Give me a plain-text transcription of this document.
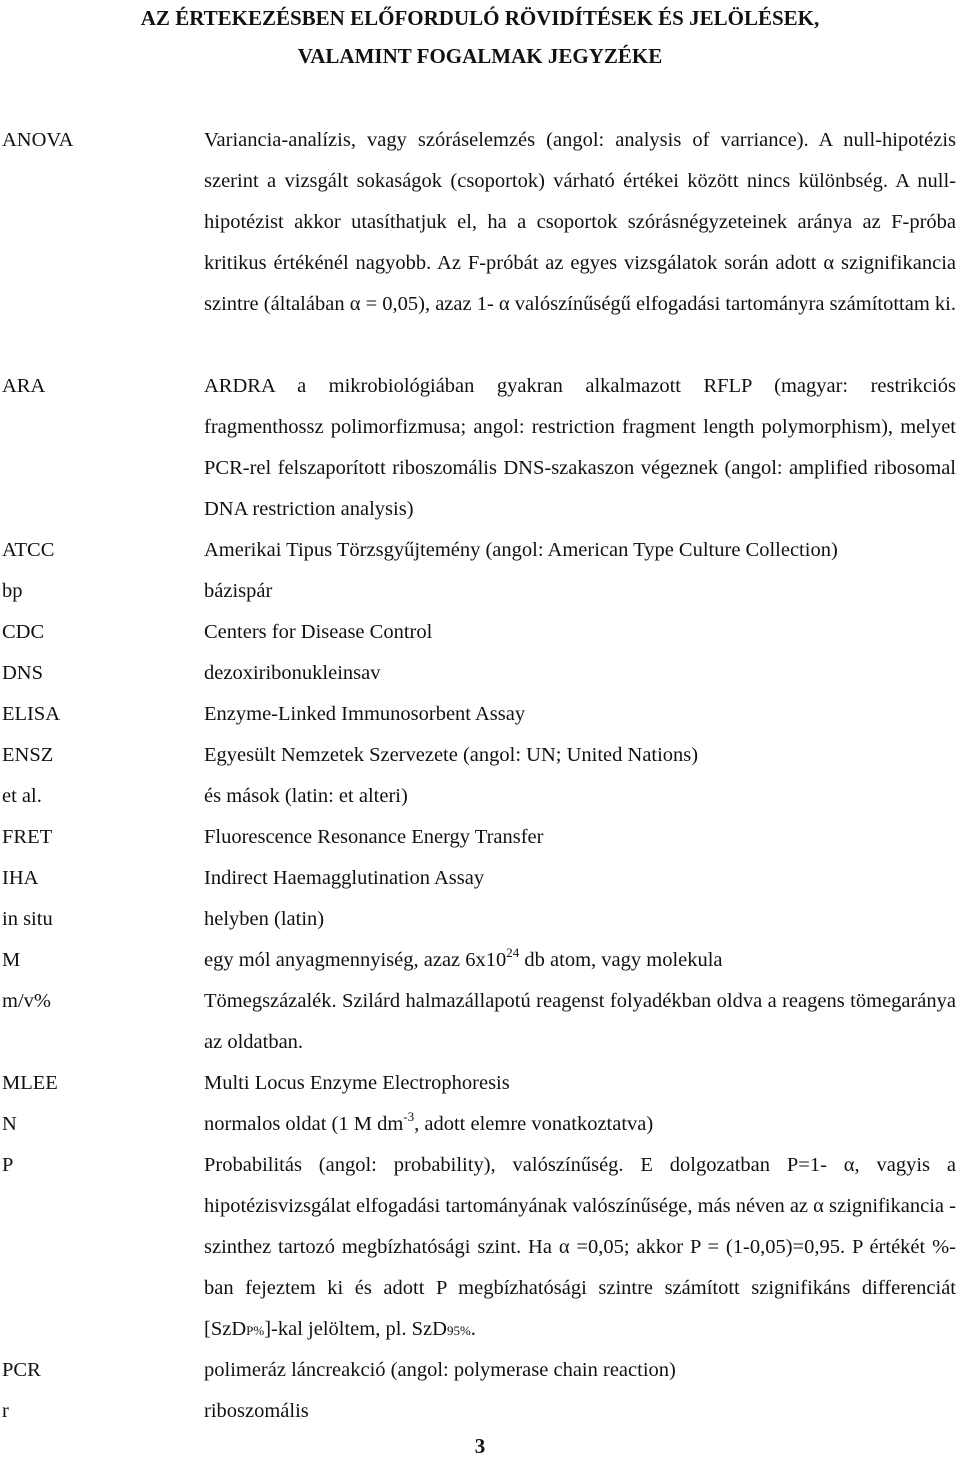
AZ ÉRTEKEZÉSBEN ELŐFORDULÓ RÖVIDÍTÉSEK ÉS JELÖLÉSEK,
VALAMINT FOGALMAK JEGYZÉKE
ANOVA	Variancia-analízis, vagy szóráselemzés (angol: analysis of varriance). A null-hipotézis szerint a vizsgált sokaságok (csoportok) várható értékei között nincs különbség. A null-hipotézist akkor utasíthatjuk el, ha a csoportok szórásnégyzeteinek aránya az F-próba kritikus értékénél nagyobb. Az F-próbát az egyes vizsgálatok során adott α szignifikancia szintre (általában α = 0,05), azaz 1- α valószínűségű elfogadási tartományra számítottam ki.

ARA	ARDRA a mikrobiológiában gyakran alkalmazott RFLP (magyar: restrikciós fragmenthossz polimorfizmusa; angol: restriction fragment length polymorphism), melyet PCR-rel felszaporított riboszomális DNS-szakaszon végeznek (angol: amplified ribosomal DNA restriction analysis)

ATCC	Amerikai Tipus Törzsgyűjtemény (angol: American Type Culture Collection)

bp	bázispár

CDC	Centers for Disease Control

DNS	dezoxiribonukleinsav

ELISA	Enzyme-Linked Immunosorbent Assay

ENSZ	Egyesült Nemzetek Szervezete (angol: UN; United Nations)

et al.	és mások (latin: et alteri)

FRET	Fluorescence Resonance Energy Transfer

IHA	Indirect Haemagglutination Assay

in situ	helyben (latin)

M	egy mól anyagmennyiség, azaz $6x10^{24}$ db atom, vagy molekula

m/v%	Tömegszázalék. Szilárd halmazállapotú reagenst folyadékban oldva a reagens tömegaránya az oldatban.

MLEE	Multi Locus Enzyme Electrophoresis

N	normalos oldat (1 M $dm^{-3}$, adott elemre vonatkoztatva)

P	Probabilitás (angol: probability), valószínűség. E dolgozatban P=1- α, vagyis a hipotézisvizsgálat elfogadási tartományának valószínűsége, más néven az α szignifikancia - szinthez tartozó megbízhatósági szint. Ha α =0,05; akkor P = (1-0,05)=0,95. P értékét %-ban fejeztem ki és adott P megbízhatósági szintre számított szignifikáns differenciát [SzDP%]-kal jelöltem, pl. SzD95%.

PCR	polimeráz láncreakció (angol: polymerase chain reaction)

r	riboszomális

3
